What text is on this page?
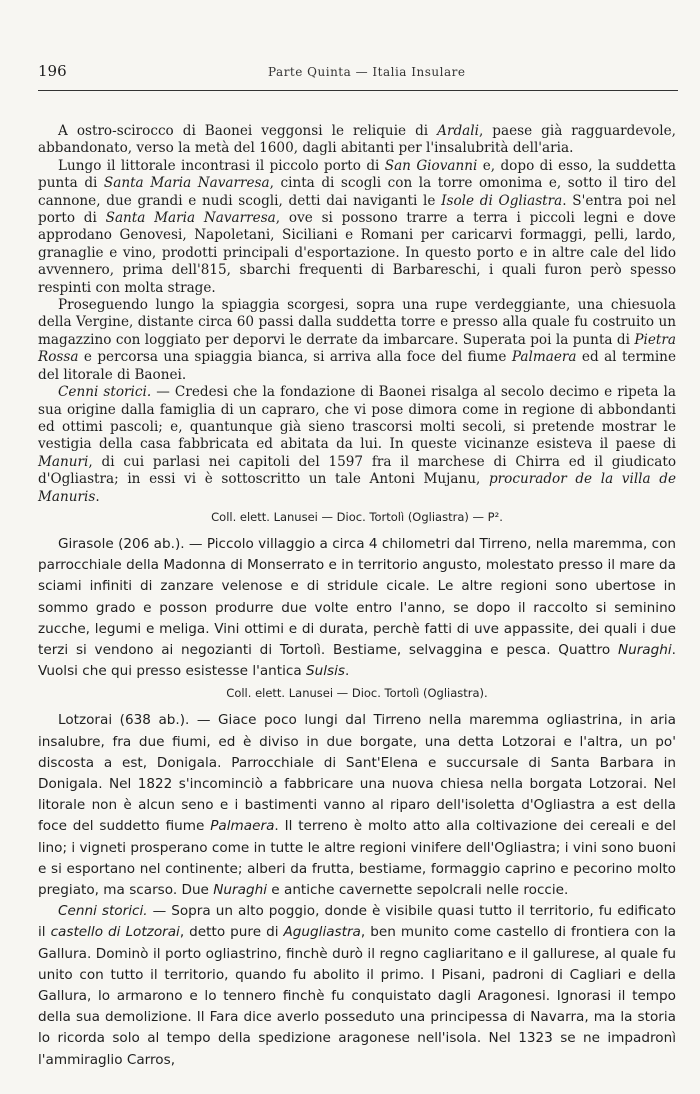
196	Parte Quinta — Italia Insulare

A ostro-scirocco di Baonei veggonsi le reliquie di Ardali, paese già ragguardevole, abbandonato, verso la metà del 1600, dagli abitanti per l'insalubrità dell'aria.

Lungo il littorale incontrasi il piccolo porto di San Giovanni e, dopo di esso, la suddetta punta di Santa Maria Navarresa, cinta di scogli con la torre omonima e, sotto il tiro del cannone, due grandi e nudi scogli, detti dai naviganti le Isole di Ogliastra. S'entra poi nel porto di Santa Maria Navarresa, ove si possono trarre a terra i piccoli legni e dove approdano Genovesi, Napoletani, Siciliani e Romani per caricarvi formaggi, pelli, lardo, granaglie e vino, prodotti principali d'esportazione. In questo porto e in altre cale del lido avvennero, prima dell'815, sbarchi frequenti di Barbareschi, i quali furon però spesso respinti con molta strage.

Proseguendo lungo la spiaggia scorgesi, sopra una rupe verdeggiante, una chiesuola della Vergine, distante circa 60 passi dalla suddetta torre e presso alla quale fu costruito un magazzino con loggiato per deporvi le derrate da imbarcare. Superata poi la punta di Pietra Rossa e percorsa una spiaggia bianca, si arriva alla foce del fiume Palmaera ed al termine del litorale di Baonei.

Cenni storici. — Credesi che la fondazione di Baonei risalga al secolo decimo e ripeta la sua origine dalla famiglia di un capraro, che vi pose dimora come in regione di abbondanti ed ottimi pascoli; e, quantunque già sieno trascorsi molti secoli, si pretende mostrar le vestigia della casa fabbricata ed abitata da lui. In queste vicinanze esisteva il paese di Manuri, di cui parlasi nei capitoli del 1597 fra il marchese di Chirra ed il giudicato d'Ogliastra; in essi vi è sottoscritto un tale Antoni Mujanu, procurador de la villa de Manuris.

Coll. elett. Lanusei — Dioc. Tortolì (Ogliastra) — P².

Girasole (206 ab.). — Piccolo villaggio a circa 4 chilometri dal Tirreno, nella maremma, con parrocchiale della Madonna di Monserrato e in territorio angusto, molestato presso il mare da sciami infiniti di zanzare velenose e di stridule cicale. Le altre regioni sono ubertose in sommo grado e posson produrre due volte entro l'anno, se dopo il raccolto si seminino zucche, legumi e meliga. Vini ottimi e di durata, perchè fatti di uve appassite, dei quali i due terzi si vendono ai negozianti di Tortolì. Bestiame, selvaggina e pesca. Quattro Nuraghi. Vuolsi che qui presso esistesse l'antica Sulsis.

Coll. elett. Lanusei — Dioc. Tortolì (Ogliastra).

Lotzorai (638 ab.). — Giace poco lungi dal Tirreno nella maremma ogliastrina, in aria insalubre, fra due fiumi, ed è diviso in due borgate, una detta Lotzorai e l'altra, un po' discosta a est, Donigala. Parrocchiale di Sant'Elena e succursale di Santa Barbara in Donigala. Nel 1822 s'incominciò a fabbricare una nuova chiesa nella borgata Lotzorai. Nel litorale non è alcun seno e i bastimenti vanno al riparo dell'isoletta d'Ogliastra a est della foce del suddetto fiume Palmaera. Il terreno è molto atto alla coltivazione dei cereali e del lino; i vigneti prosperano come in tutte le altre regioni vinifere dell'Ogliastra; i vini sono buoni e si esportano nel continente; alberi da frutta, bestiame, formaggio caprino e pecorino molto pregiato, ma scarso. Due Nuraghi e antiche cavernette sepolcrali nelle roccie.

Cenni storici. — Sopra un alto poggio, donde è visibile quasi tutto il territorio, fu edificato il castello di Lotzorai, detto pure di Agugliastra, ben munito come castello di frontiera con la Gallura. Dominò il porto ogliastrino, finchè durò il regno cagliaritano e il gallurese, al quale fu unito con tutto il territorio, quando fu abolito il primo. I Pisani, padroni di Cagliari e della Gallura, lo armarono e lo tennero finchè fu conquistato dagli Aragonesi. Ignorasi il tempo della sua demolizione. Il Fara dice averlo posseduto una principessa di Navarra, ma la storia lo ricorda solo al tempo della spedizione aragonese nell'isola. Nel 1323 se ne impadronì l'ammiraglio Carros,
